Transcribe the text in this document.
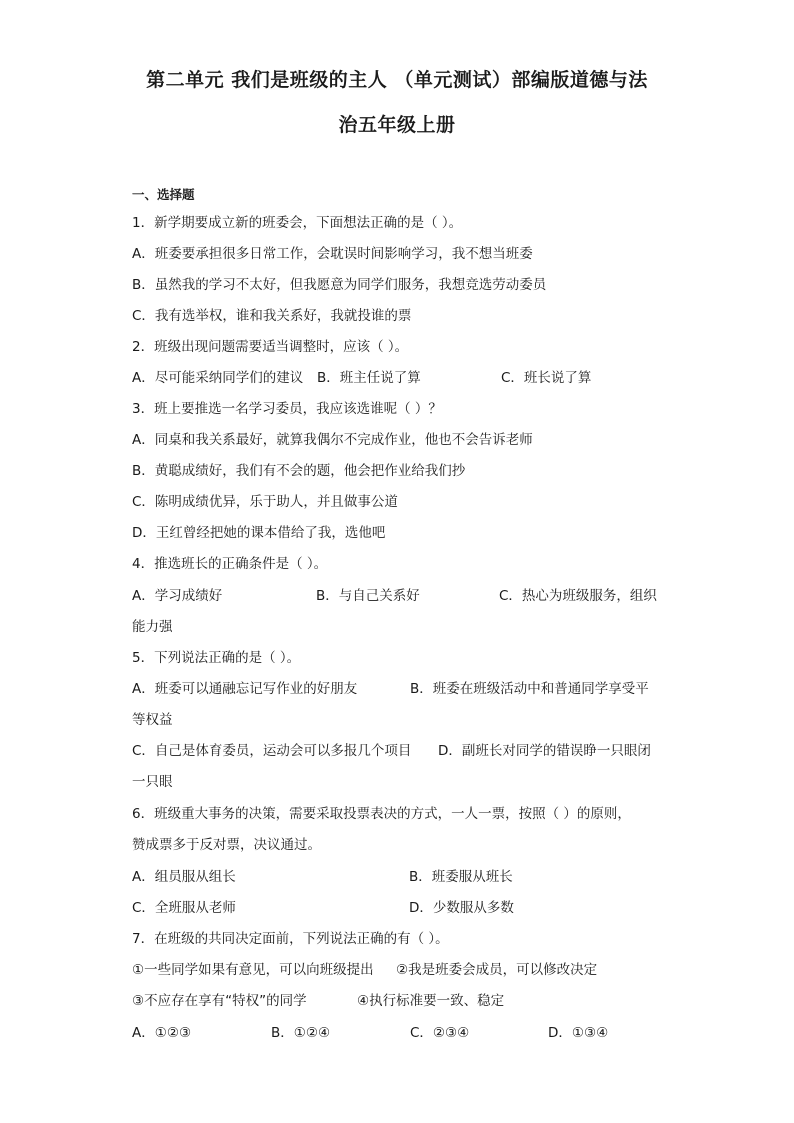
第二单元 我们是班级的主人 （单元测试）部编版道德与法
治五年级上册
一、选择题
1．新学期要成立新的班委会，下面想法正确的是（ ）。
A．班委要承担很多日常工作，会耽误时间影响学习，我不想当班委
B．虽然我的学习不太好，但我愿意为同学们服务，我想竞选劳动委员
C．我有选举权，谁和我关系好，我就投谁的票
2．班级出现问题需要适当调整时，应该（ ）。
A．尽可能采纳同学们的建议 B．班主任说了算	C．班长说了算
3．班上要推选一名学习委员，我应该选谁呢（ ）？
A．同桌和我关系最好，就算我偶尔不完成作业，他也不会告诉老师
B．黄聪成绩好，我们有不会的题，他会把作业给我们抄
C．陈明成绩优异，乐于助人，并且做事公道
D．王红曾经把她的课本借给了我，选他吧
4．推选班长的正确条件是（ ）。
A．学习成绩好	B．与自己关系好	C．热心为班级服务，组织
能力强
5．下列说法正确的是（ ）。
A．班委可以通融忘记写作业的好朋友	B．班委在班级活动中和普通同学享受平
等权益
C．自己是体育委员，运动会可以多报几个项目 D．副班长对同学的错误睁一只眼闭
一只眼
6．班级重大事务的决策，需要采取投票表决的方式，一人一票，按照（ ）的原则，
赞成票多于反对票，决议通过。
A．组员服从组长	B．班委服从班长
C．全班服从老师	D．少数服从多数
7．在班级的共同决定面前，下列说法正确的有（ ）。
①一些同学如果有意见，可以向班级提出 ②我是班委会成员，可以修改决定
③不应存在享有“特权”的同学	④执行标准要一致、稳定
A．①②③	B．①②④	C．②③④	D．①③④
